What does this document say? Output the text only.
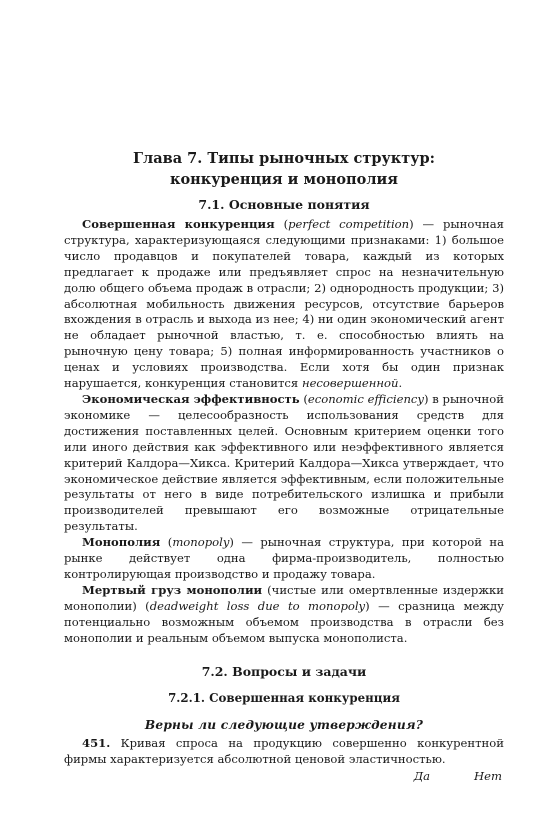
Глава 7. Типы рыночных структур:
конкуренция и монополия
7.1. Основные понятия

Совершенная конкуренция (perfect competition) — рыночная структура, характеризующаяся следующими признаками: 1) большое число продавцов и покупателей товара, каждый из которых предлагает к продаже или предъявляет спрос на незначительную долю общего объема продаж в отрасли; 2) однородность продукции; 3) абсолютная мобильность движения ресурсов, отсутствие барьеров вхождения в отрасль и выхода из нее; 4) ни один экономический агент не обладает рыночной властью, т. е. способностью влиять на рыночную цену товара; 5) полная информированность участников о ценах и условиях производства. Если хотя бы один признак нарушается, конкуренция становится несовершенной.

Экономическая эффективность (economic efficiency) в рыночной экономике — целесообразность использования средств для достижения поставленных целей. Основным критерием оценки того или иного действия как эффективного или неэффективного является критерий Калдора—Хикса. Критерий Калдора—Хикса утверждает, что экономическое действие является эффективным, если положительные результаты от него в виде потребительского излишка и прибыли производителей превышают его возможные отрицательные результаты.

Монополия (monopoly) — рыночная структура, при которой на рынке действует одна фирма-производитель, полностью контролирующая производство и продажу товара.

Мертвый груз монополии (чистые или омертвленные издержки монополии) (deadweight loss due to monopoly) — сразница между потенциально возможным объемом производства в отрасли без монополии и реальным объемом выпуска монополиста.

7.2. Вопросы и задачи
7.2.1. Совершенная конкуренция
Верны ли следующие утверждения?

451. Кривая спроса на продукцию совершенно конкурентной фирмы характеризуется абсолютной ценовой эластичностью.

Да	Нет
